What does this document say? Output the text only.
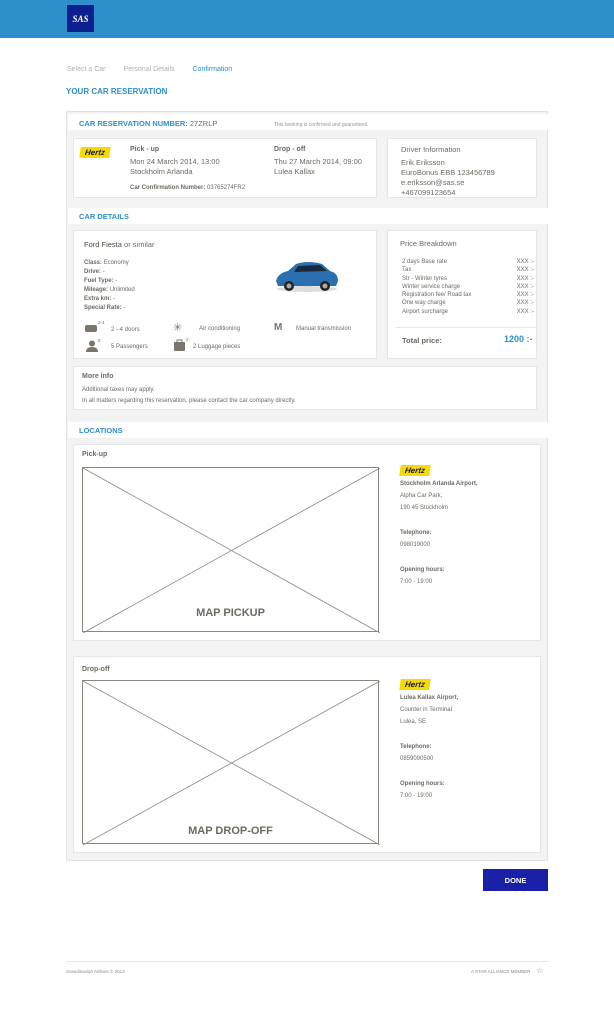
SAS
Select a Car	Personal Details	Confirmation
YOUR CAR RESERVATION
CAR RESERVATION NUMBER: 27ZRLP	This booking is confirmed and guaranteed.
Hertz	Pick - up
Mon 24 March 2014, 13:00
Stockholm Arlanda
Drop - off
Thu 27 March 2014, 09:00
Lulea Kallax
Car Confirmation Number: 03765274FR2
Driver Information
Erik Eriksson
EuroBonus EBB 123456789
e.eriksson@sas.se
+467099123654
CAR DETAILS
Ford Fiesta or similar
Class: Economy
Drive: -
Fuel Type: -
Mileage: Unlimited
Extra km: -
Special Rate: -
2-4
2 - 4 doors	✳	Air conditioning	M Manual transmission
5
5 Passengers
2
2 Luggage pieces
Price Breakdown
2 days Base rate	XXX :-
Tax	XXX :-
Str - Winter tyres	XXX :-
Winter service charge	XXX :-
Registration fee/ Road tax	XXX :-
One way charge	XXX :-
Airport surcharge	XXX :-
Total price:	1200 :-
More info
Additional taxes may apply.
In all matters regarding this reservation, please contact the car company directly.
LOCATIONS
Pick-up
MAP PICKUP
Hertz
Stockholm Arlanda Airport,
Alpha Car Park,
190 45 Stockholm
Telephone:
098019000
Opening hours:
7:00 - 19:00
Drop-off
MAP DROP-OFF
Hertz
Lulea Kallax Airport,
Counter in Terminal
Lulea, SE
Telephone:
0859090500
Opening hours:
7:00 - 19:00
DONE
Scandinavian Airlines © 2013	A STAR ALLIANCE MEMBER ☆
